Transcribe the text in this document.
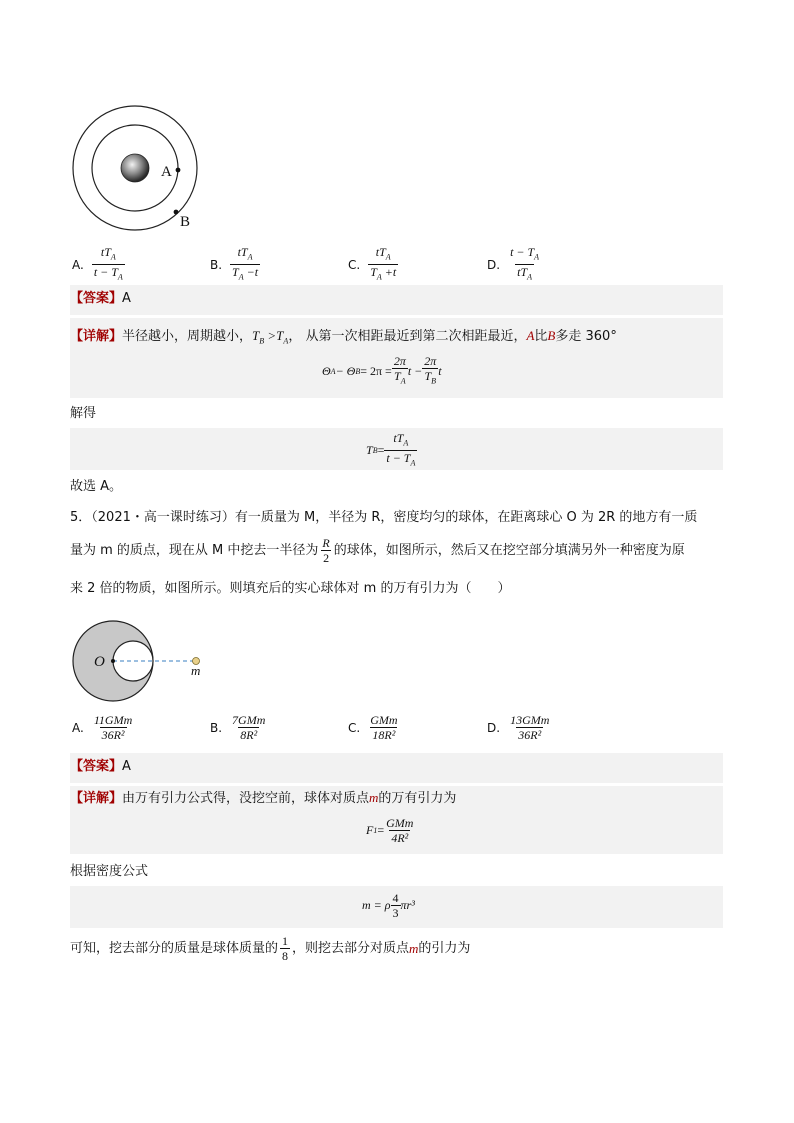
A
B
A. $\frac{tT_A}{t - T_A}$	B. $\frac{tT_A}{T_A -t}$	C. $\frac{tT_A}{T_A +t}$	D. $\frac{t - T_A}{tT_A}$
【答案】A
【详解】半径越小，周期越小，$T_B >T_A$， 从第一次相距最近到第二次相距最近，A比B多走 360°
Θ A − Θ $B = 2\pi = \frac{2\pi}{T_A}$ $t - \frac{2\pi}{T_B}$ t
解得
T $B = \frac{tT_A}{t - T_A}$
故选 A。
5．（2021・高一课时练习）有一质量为 M，半径为 R，密度均匀的球体，在距离球心 O 为 2R 的地方有一质
量为 m 的质点，现在从 M 中挖去一半径为 $\frac{R}{2}$ 的球体，如图所示，然后又在挖空部分填满另外一种密度为原
来 2 倍的物质，如图所示。则填充后的实心球体对 m 的万有引力为（　　）
O
m
A. $\frac{\text{11GMm}}{\text{36R²}}$	B. $\frac{\text{7GMm}}{\text{8R²}}$	C. $\frac{\text{GMm}}{\text{18R²}}$	D. $\frac{\text{13GMm}}{\text{36R²}}$
【答案】A
【详解】由万有引力公式得，没挖空前，球体对质点m的万有引力为
F $1 = \frac{\text{GMm}}{\text{4R²}}$
根据密度公式
m = ρ $\frac{4}{3} \pi r^3$
可知，挖去部分的质量是球体质量的 $\frac{1}{8}$ ，则挖去部分对质点 m 的引力为
